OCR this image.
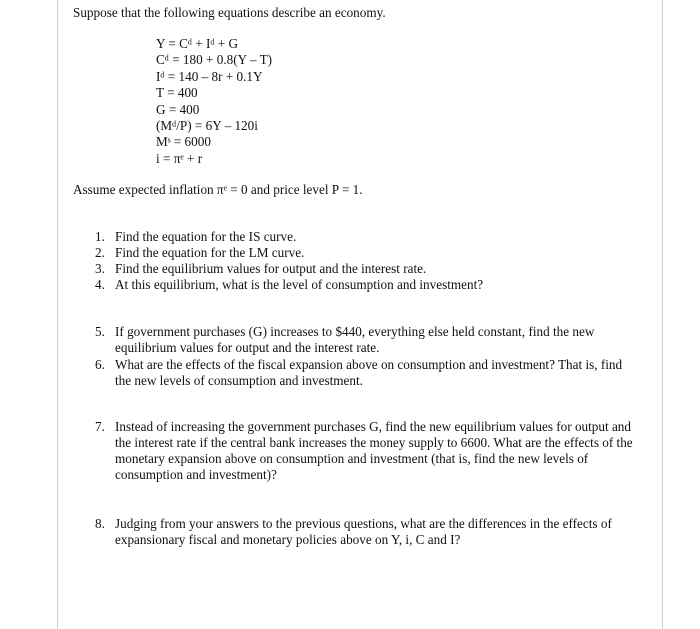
Suppose that the following equations describe an economy.

Y = Cᵈ + Iᵈ + G
Cᵈ = 180 + 0.8(Y – T)
Iᵈ = 140 – 8r + 0.1Y
T = 400
G = 400
(Mᵈ/P) = 6Y – 120i
Mˢ = 6000
i = πᵉ + r

Assume expected inflation πᵉ = 0 and price level P = 1.

1. Find the equation for the IS curve.
2. Find the equation for the LM curve.
3. Find the equilibrium values for output and the interest rate.
4. At this equilibrium, what is the level of consumption and investment?
5. If government purchases (G) increases to $440, everything else held constant, find the new equilibrium values for output and the interest rate.
6. What are the effects of the fiscal expansion above on consumption and investment? That is, find the new levels of consumption and investment.
7. Instead of increasing the government purchases G, find the new equilibrium values for output and the interest rate if the central bank increases the money supply to 6600. What are the effects of the monetary expansion above on consumption and investment (that is, find the new levels of consumption and investment)?
8. Judging from your answers to the previous questions, what are the differences in the effects of expansionary fiscal and monetary policies above on Y, i, C and I?
